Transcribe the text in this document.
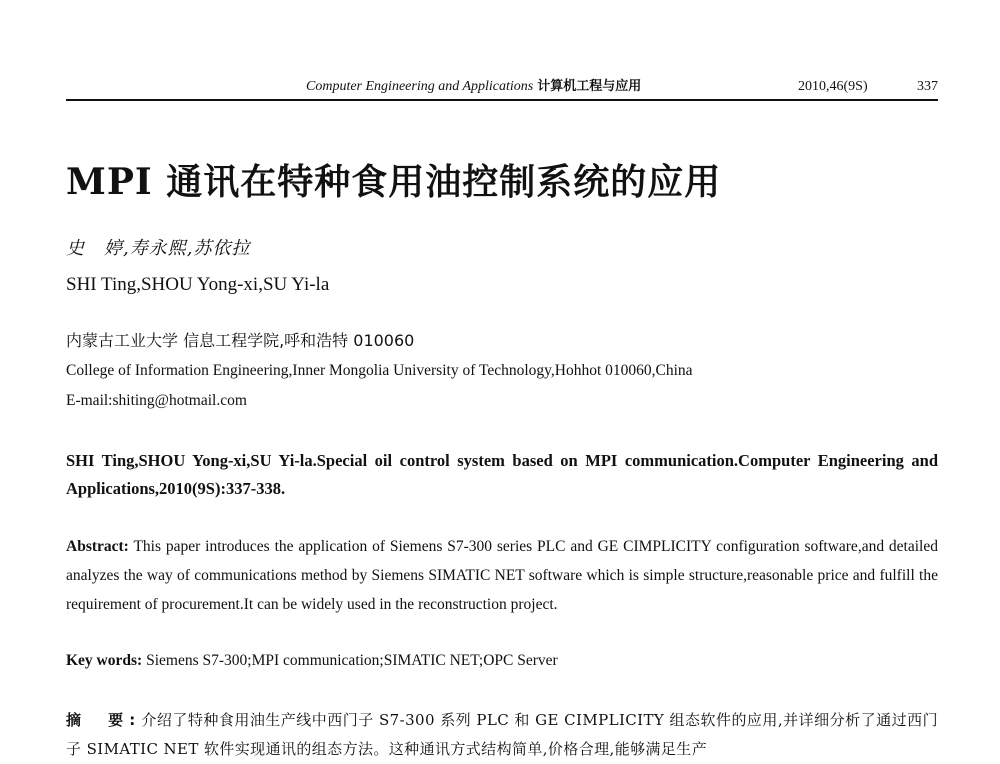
Computer Engineering and Applications 计算机工程与应用	2010,46(9S)	337
MPI 通讯在特种食用油控制系统的应用
史　婷,寿永熙,苏依拉
SHI Ting,SHOU Yong-xi,SU Yi-la
内蒙古工业大学 信息工程学院,呼和浩特 010060
College of Information Engineering,Inner Mongolia University of Technology,Hohhot 010060,China
E-mail:shiting@hotmail.com

SHI Ting,SHOU Yong-xi,SU Yi-la.Special oil control system based on MPI communication.Computer Engineering and Applications,2010(9S):337-338.

Abstract: This paper introduces the application of Siemens S7-300 series PLC and GE CIMPLICITY configuration software,and detailed analyzes the way of communications method by Siemens SIMATIC NET software which is simple structure,reasonable price and fulfill the requirement of procurement.It can be widely used in the reconstruction project.

Key words: Siemens S7-300;MPI communication;SIMATIC NET;OPC Server

摘　要:介绍了特种食用油生产线中西门子 S7-300 系列 PLC 和 GE CIMPLICITY 组态软件的应用,并详细分析了通过西门子 SIMATIC NET 软件实现通讯的组态方法。这种通讯方式结构简单,价格合理,能够满足生产
